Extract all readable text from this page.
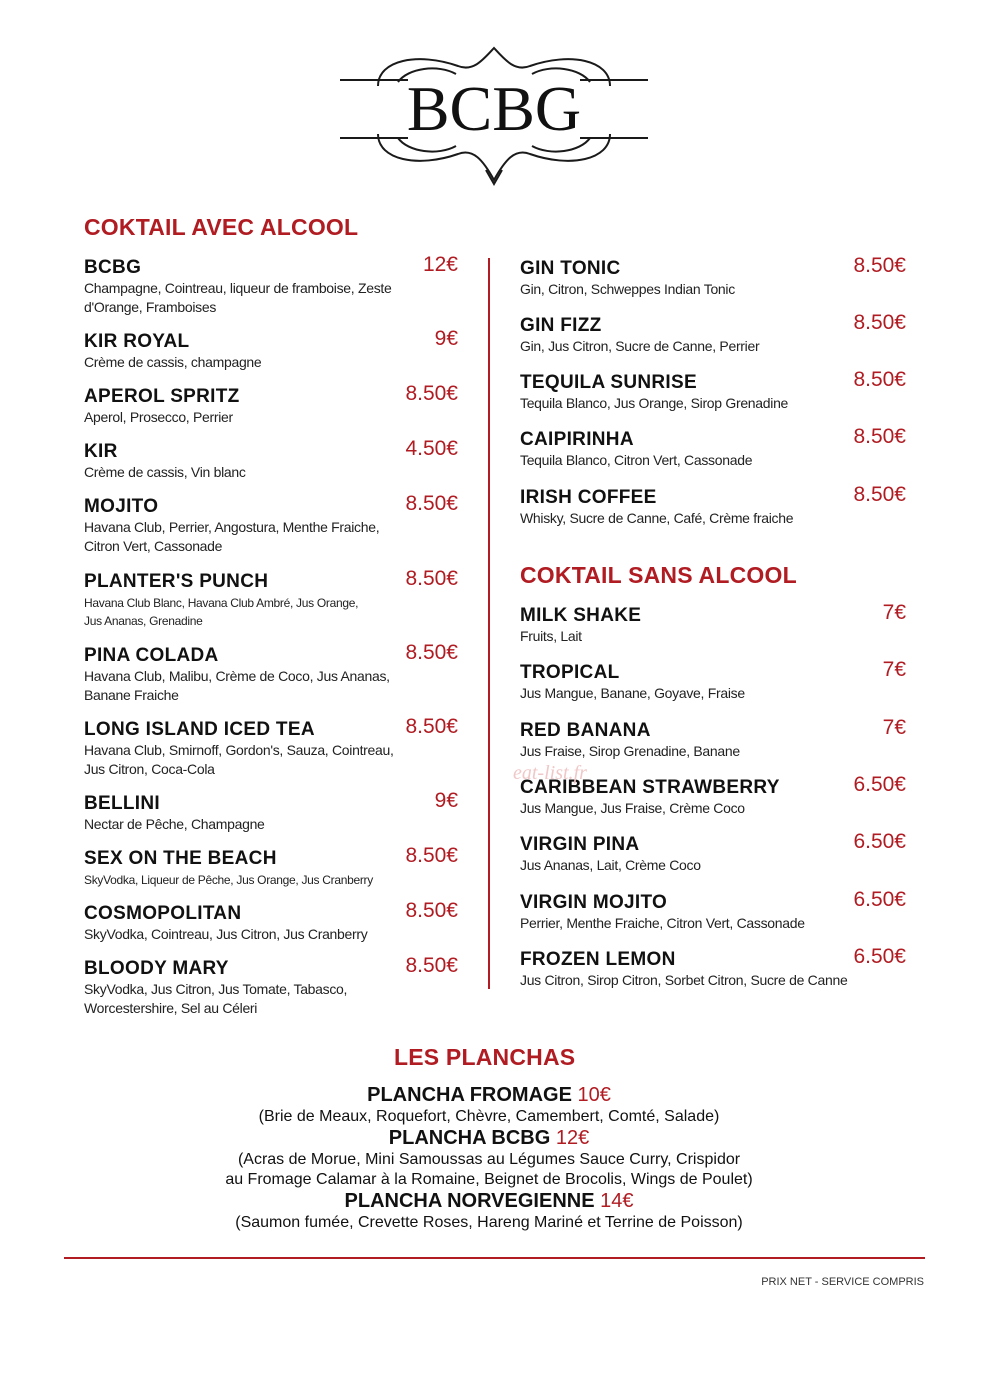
BCBG
COKTAIL AVEC ALCOOL
BCBG	12€
Champagne, Cointreau, liqueur de framboise, Zeste d'Orange, Framboises
KIR ROYAL	9€
Crème de cassis, champagne
APEROL SPRITZ	8.50€
Aperol, Prosecco, Perrier
KIR	4.50€
Crème de cassis, Vin blanc
MOJITO	8.50€
Havana Club, Perrier, Angostura, Menthe Fraiche, Citron Vert, Cassonade
PLANTER'S PUNCH	8.50€
Havana Club Blanc, Havana Club Ambré, Jus Orange, Jus Ananas, Grenadine
PINA COLADA	8.50€
Havana Club, Malibu, Crème de Coco, Jus Ananas, Banane Fraiche
LONG ISLAND ICED TEA	8.50€
Havana Club, Smirnoff, Gordon's, Sauza, Cointreau, Jus Citron, Coca-Cola
BELLINI	9€
Nectar de Pêche, Champagne
SEX ON THE BEACH	8.50€
SkyVodka, Liqueur de Pêche, Jus Orange, Jus Cranberry
COSMOPOLITAN	8.50€
SkyVodka, Cointreau, Jus Citron, Jus Cranberry
BLOODY MARY	8.50€
SkyVodka, Jus Citron, Jus Tomate, Tabasco, Worcestershire, Sel au Céleri
GIN TONIC	8.50€
Gin, Citron, Schweppes Indian Tonic
GIN FIZZ	8.50€
Gin, Jus Citron, Sucre de Canne, Perrier
TEQUILA SUNRISE	8.50€
Tequila Blanco, Jus Orange, Sirop Grenadine
CAIPIRINHA	8.50€
Tequila Blanco, Citron Vert, Cassonade
IRISH COFFEE	8.50€
Whisky, Sucre de Canne, Café, Crème fraiche
COKTAIL SANS ALCOOL
MILK SHAKE	7€
Fruits, Lait
TROPICAL	7€
Jus Mangue, Banane, Goyave, Fraise
RED BANANA	7€
Jus Fraise, Sirop Grenadine, Banane
CARIBBEAN STRAWBERRY	6.50€
Jus Mangue, Jus Fraise, Crème Coco
VIRGIN PINA	6.50€
Jus Ananas, Lait, Crème Coco
VIRGIN MOJITO	6.50€
Perrier, Menthe Fraiche, Citron Vert, Cassonade
FROZEN LEMON	6.50€
Jus Citron, Sirop Citron, Sorbet Citron, Sucre de Canne
eat-list.fr
LES PLANCHAS
PLANCHA FROMAGE 10€
(Brie de Meaux, Roquefort, Chèvre, Camembert, Comté, Salade)
PLANCHA BCBG 12€
(Acras de Morue, Mini Samoussas au Légumes Sauce Curry, Crispidor
au Fromage Calamar à la Romaine, Beignet de Brocolis, Wings de Poulet)
PLANCHA NORVEGIENNE 14€
(Saumon fumée, Crevette Roses, Hareng Mariné et Terrine de Poisson)
PRIX NET - SERVICE COMPRIS
